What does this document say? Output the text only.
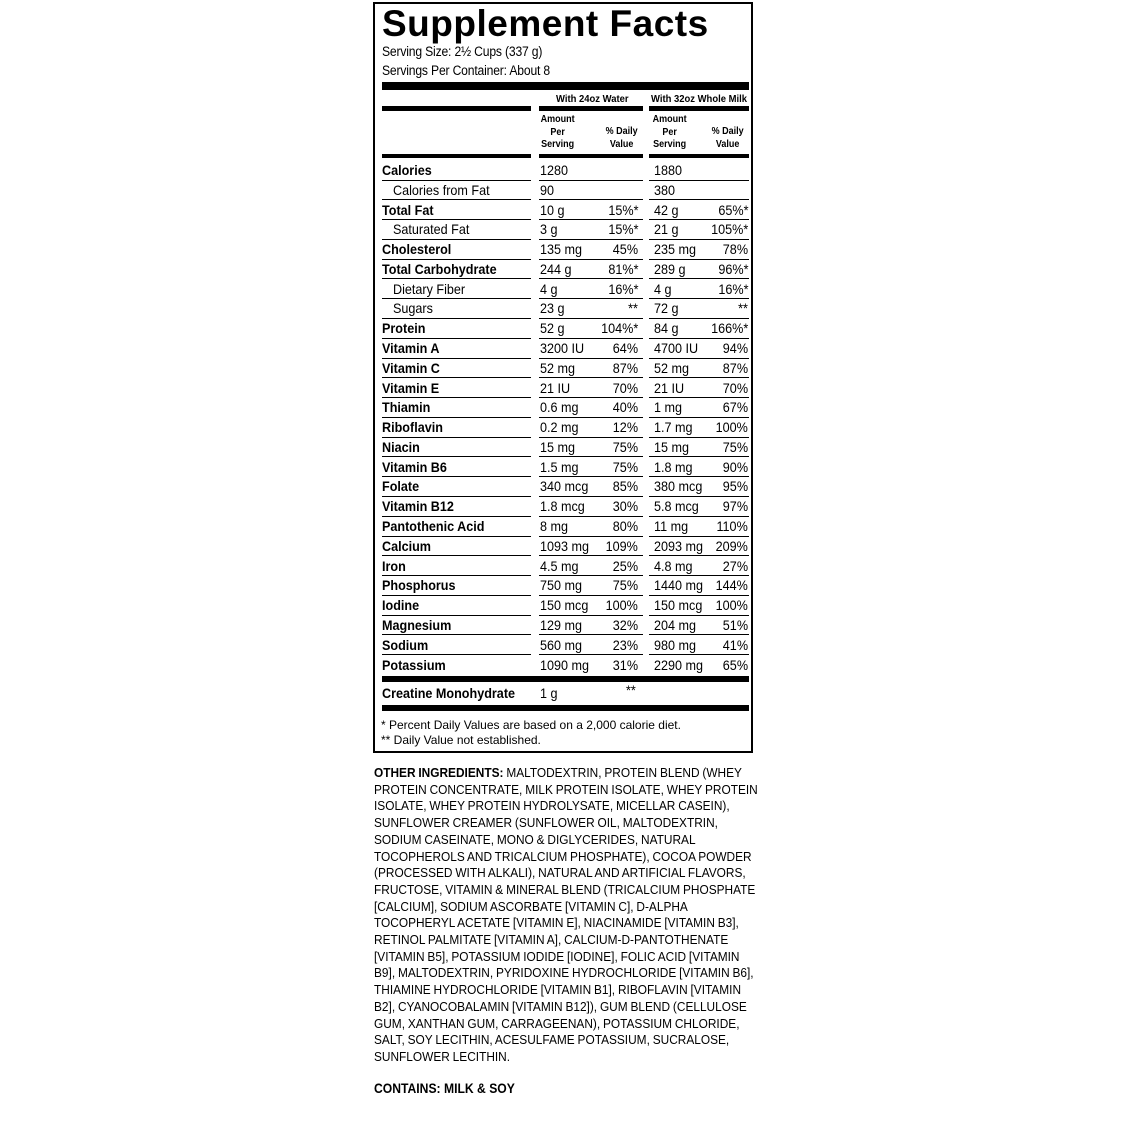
Supplement Facts
Serving Size: 2½ Cups (337 g)
Servings Per Container: About 8
With 24oz Water With 32oz Whole Milk
Amount Per Serving
% Daily Value
Amount Per Serving
% Daily Value
Calories	1280	1880
Calories from Fat	90	380
Total Fat	10 g	15%* 42 g	65%*
Saturated Fat	3 g	15%* 21 g 105%*
Cholesterol	135 mg 45% 235 mg 78%
Total Carbohydrate	244 g	81%* 289 g 96%*
Dietary Fiber	4 g	16%* 4 g	16%*
Sugars	23 g	** 72 g	**
Protein	52 g	104%* 84 g 166%*
Vitamin A	3200 IU 64% 4700 IU 94%
Vitamin C	52 mg	87% 52 mg 87%
Vitamin E	21 IU	70% 21 IU	70%
Thiamin	0.6 mg 40% 1 mg	67%
Riboflavin	0.2 mg 12% 1.7 mg 100%
Niacin	15 mg	75% 15 mg 75%
Vitamin B6	1.5 mg 75% 1.8 mg 90%
Folate	340 mcg 85% 380 mcg 95%
Vitamin B12	1.8 mcg 30% 5.8 mcg 97%
Pantothenic Acid	8 mg	80% 11 mg 110%
Calcium	1093 mg 109% 2093 mg 209%
Iron	4.5 mg 25% 4.8 mg 27%
Phosphorus	750 mg 75% 1440 mg 144%
Iodine	150 mcg 100% 150 mcg 100%
Magnesium	129 mg 32% 204 mg 51%
Sodium	560 mg 23% 980 mg 41%
Potassium	1090 mg 31% 2290 mg 65%
Creatine Monohydrate 1 g	**
* Percent Daily Values are based on a 2,000 calorie diet.
** Daily Value not established.
OTHER INGREDIENTS: MALTODEXTRIN, PROTEIN BLEND (WHEY PROTEIN CONCENTRATE, MILK PROTEIN ISOLATE, WHEY PROTEIN ISOLATE, WHEY PROTEIN HYDROLYSATE, MICELLAR CASEIN), SUNFLOWER CREAMER (SUNFLOWER OIL, MALTODEXTRIN, SODIUM CASEINATE, MONO & DIGLYCERIDES, NATURAL TOCOPHEROLS AND TRICALCIUM PHOSPHATE), COCOA POWDER (PROCESSED WITH ALKALI), NATURAL AND ARTIFICIAL FLAVORS, FRUCTOSE, VITAMIN & MINERAL BLEND (TRICALCIUM PHOSPHATE [CALCIUM], SODIUM ASCORBATE [VITAMIN C], D-ALPHA TOCOPHERYL ACETATE [VITAMIN E], NIACINAMIDE [VITAMIN B3], RETINOL PALMITATE [VITAMIN A], CALCIUM-D-PANTOTHENATE [VITAMIN B5], POTASSIUM IODIDE [IODINE], FOLIC ACID [VITAMIN B9], MALTODEXTRIN, PYRIDOXINE HYDROCHLORIDE [VITAMIN B6], THIAMINE HYDROCHLORIDE [VITAMIN B1], RIBOFLAVIN [VITAMIN B2], CYANOCOBALAMIN [VITAMIN B12]), GUM BLEND (CELLULOSE GUM, XANTHAN GUM, CARRAGEENAN), POTASSIUM CHLORIDE, SALT, SOY LECITHIN, ACESULFAME POTASSIUM, SUCRALOSE, SUNFLOWER LECITHIN.
CONTAINS: MILK & SOY
